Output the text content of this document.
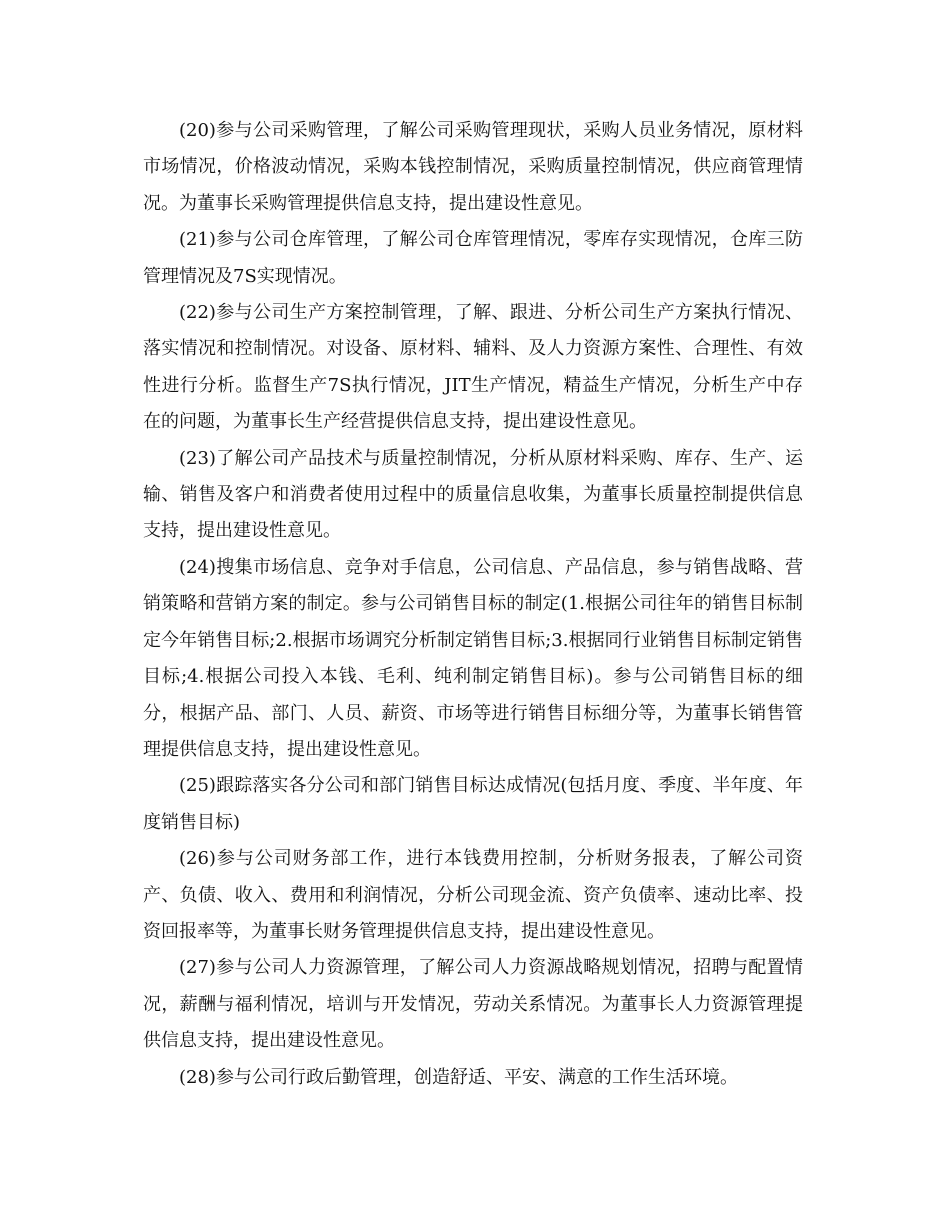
(20)参与公司采购管理，了解公司采购管理现状，采购人员业务情况，原材料市场情况，价格波动情况，采购本钱控制情况，采购质量控制情况，供应商管理情况。为董事长采购管理提供信息支持，提出建设性意见。

(21)参与公司仓库管理，了解公司仓库管理情况，零库存实现情况，仓库三防管理情况及7S实现情况。

(22)参与公司生产方案控制管理，了解、跟进、分析公司生产方案执行情况、落实情况和控制情况。对设备、原材料、辅料、及人力资源方案性、合理性、有效性进行分析。监督生产7S执行情况，JIT生产情况，精益生产情况，分析生产中存在的问题，为董事长生产经营提供信息支持，提出建设性意见。

(23)了解公司产品技术与质量控制情况，分析从原材料采购、库存、生产、运输、销售及客户和消费者使用过程中的质量信息收集，为董事长质量控制提供信息支持，提出建设性意见。

(24)搜集市场信息、竞争对手信息，公司信息、产品信息，参与销售战略、营销策略和营销方案的制定。参与公司销售目标的制定(1.根据公司往年的销售目标制定今年销售目标;2.根据市场调究分析制定销售目标;3.根据同行业销售目标制定销售目标;4.根据公司投入本钱、毛利、纯利制定销售目标)。参与公司销售目标的细分，根据产品、部门、人员、薪资、市场等进行销售目标细分等，为董事长销售管理提供信息支持，提出建设性意见。

(25)跟踪落实各分公司和部门销售目标达成情况(包括月度、季度、半年度、年度销售目标)

(26)参与公司财务部工作，进行本钱费用控制，分析财务报表，了解公司资产、负债、收入、费用和利润情况，分析公司现金流、资产负债率、速动比率、投资回报率等，为董事长财务管理提供信息支持，提出建设性意见。

(27)参与公司人力资源管理，了解公司人力资源战略规划情况，招聘与配置情况，薪酬与福利情况，培训与开发情况，劳动关系情况。为董事长人力资源管理提供信息支持，提出建设性意见。

(28)参与公司行政后勤管理，创造舒适、平安、满意的工作生活环境。
